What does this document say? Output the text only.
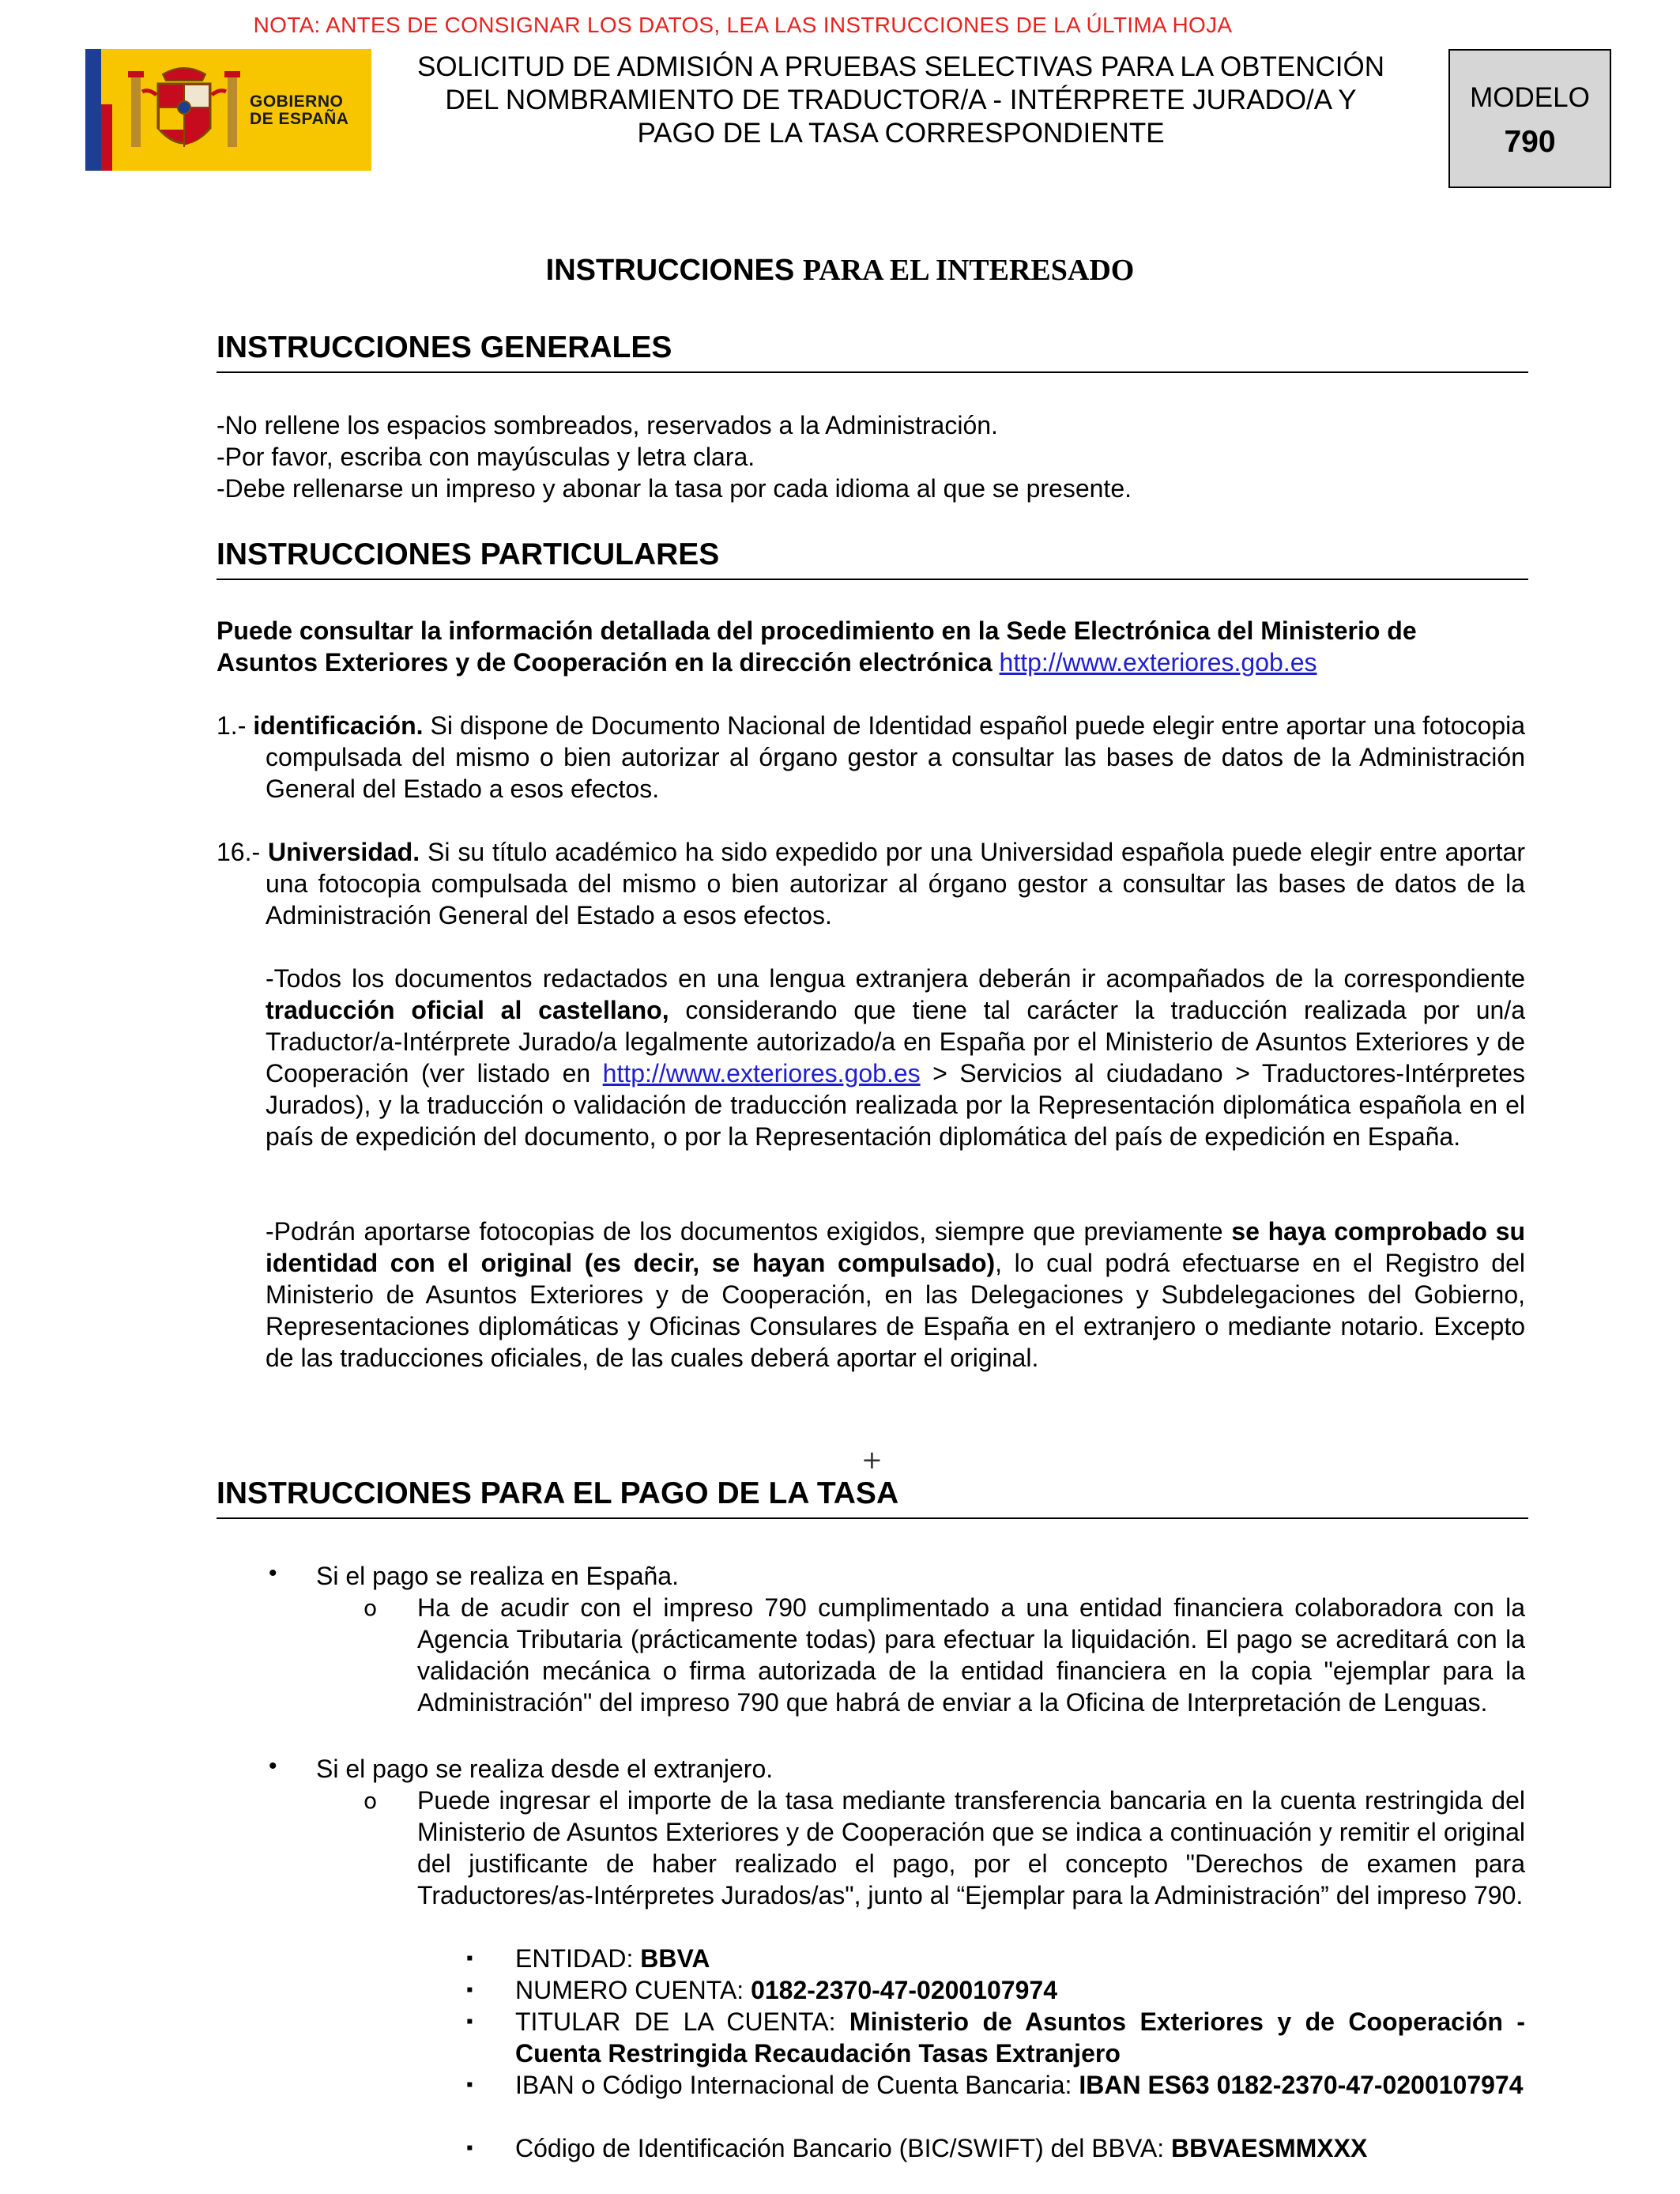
NOTA: ANTES DE CONSIGNAR LOS DATOS, LEA LAS INSTRUCCIONES DE LA ÚLTIMA HOJA
GOBIERNO
DE ESPAÑA
SOLICITUD DE ADMISIÓN A PRUEBAS SELECTIVAS PARA LA OBTENCIÓN
DEL NOMBRAMIENTO DE TRADUCTOR/A - INTÉRPRETE JURADO/A Y
PAGO DE LA TASA CORRESPONDIENTE
MODELO
790
INSTRUCCIONES PARA EL INTERESADO
INSTRUCCIONES GENERALES
-No rellene los espacios sombreados, reservados a la Administración.
-Por favor, escriba con mayúsculas y letra clara.
-Debe rellenarse un impreso y abonar la tasa por cada idioma al que se presente.
INSTRUCCIONES PARTICULARES
Puede consultar la información detallada del procedimiento en la Sede Electrónica del Ministerio de Asuntos Exteriores y de Cooperación en la dirección electrónica http://www.exteriores.gob.es
1.- identificación. Si dispone de Documento Nacional de Identidad español puede elegir entre aportar una fotocopia compulsada del mismo o bien autorizar al órgano gestor a consultar las bases de datos de la Administración General del Estado a esos efectos.
16.- Universidad. Si su título académico ha sido expedido por una Universidad española puede elegir entre aportar una fotocopia compulsada del mismo o bien autorizar al órgano gestor a consultar las bases de datos de la Administración General del Estado a esos efectos.
-Todos los documentos redactados en una lengua extranjera deberán ir acompañados de la correspondiente traducción oficial al castellano, considerando que tiene tal carácter la traducción realizada por un/a Traductor/a-Intérprete Jurado/a legalmente autorizado/a en España por el Ministerio de Asuntos Exteriores y de Cooperación (ver listado en http://www.exteriores.gob.es > Servicios al ciudadano > Traductores-Intérpretes Jurados), y la traducción o validación de traducción realizada por la Representación diplomática española en el país de expedición del documento, o por la Representación diplomática del país de expedición en España.
-Podrán aportarse fotocopias de los documentos exigidos, siempre que previamente se haya comprobado su identidad con el original (es decir, se hayan compulsado), lo cual podrá efectuarse en el Registro del Ministerio de Asuntos Exteriores y de Cooperación, en las Delegaciones y Subdelegaciones del Gobierno, Representaciones diplomáticas y Oficinas Consulares de España en el extranjero o mediante notario. Excepto de las traducciones oficiales, de las cuales deberá aportar el original.
+
INSTRUCCIONES PARA EL PAGO DE LA TASA
• Si el pago se realiza en España.
o Ha de acudir con el impreso 790 cumplimentado a una entidad financiera colaboradora con la Agencia Tributaria (prácticamente todas) para efectuar la liquidación. El pago se acreditará con la validación mecánica o firma autorizada de la entidad financiera en la copia "ejemplar para la Administración" del impreso 790 que habrá de enviar a la Oficina de Interpretación de Lenguas.
• Si el pago se realiza desde el extranjero.
o Puede ingresar el importe de la tasa mediante transferencia bancaria en la cuenta restringida del Ministerio de Asuntos Exteriores y de Cooperación que se indica a continuación y remitir el original del justificante de haber realizado el pago, por el concepto "Derechos de examen para Traductores/as-Intérpretes Jurados/as", junto al “Ejemplar para la Administración” del impreso 790.
▪ ENTIDAD: BBVA
▪ NUMERO CUENTA: 0182-2370-47-0200107974
▪ TITULAR DE LA CUENTA: Ministerio de Asuntos Exteriores y de Cooperación - Cuenta Restringida Recaudación Tasas Extranjero
▪ IBAN o Código Internacional de Cuenta Bancaria: IBAN ES63 0182-2370-47-0200107974
▪ Código de Identificación Bancario (BIC/SWIFT) del BBVA: BBVAESMMXXX
